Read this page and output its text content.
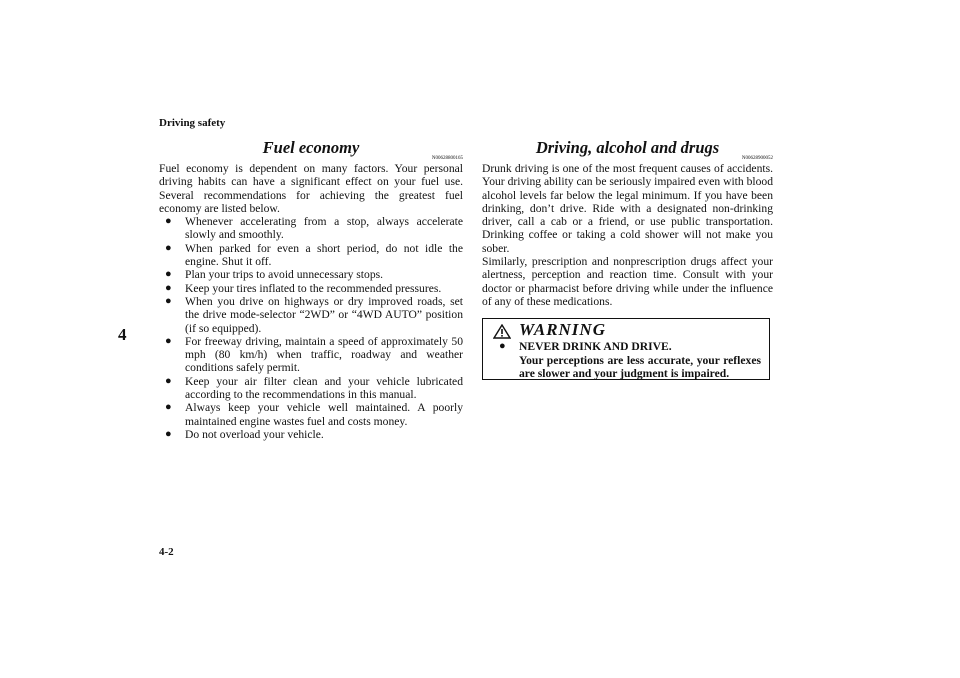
Driving safety
4
Fuel economy
N00628800165

Fuel economy is dependent on many factors. Your personal driving habits can have a significant effect on your fuel use. Several recommendations for achieving the greatest fuel economy are listed below.

● Whenever accelerating from a stop, always accelerate slowly and smoothly.
● When parked for even a short period, do not idle the engine. Shut it off.
● Plan your trips to avoid unnecessary stops.
● Keep your tires inflated to the recommended pressures.
● When you drive on highways or dry improved roads, set the drive mode-selector “2WD” or “4WD AUTO” position (if so equipped).
● For freeway driving, maintain a speed of approximately 50 mph (80 km/h) when traffic, roadway and weather conditions safely permit.
● Keep your air filter clean and your vehicle lubricated according to the recommendations in this manual.
● Always keep your vehicle well maintained. A poorly maintained engine wastes fuel and costs money.
● Do not overload your vehicle.
Driving, alcohol and drugs
N00628900052

Drunk driving is one of the most frequent causes of accidents. Your driving ability can be seriously impaired even with blood alcohol levels far below the legal minimum. If you have been drinking, don’t drive. Ride with a designated non-drinking driver, call a cab or a friend, or use public transportation. Drinking coffee or taking a cold shower will not make you sober.

Similarly, prescription and nonprescription drugs affect your alertness, perception and reaction time. Consult with your doctor or pharmacist before driving while under the influence of any of these medications.

WARNING
● NEVER DRINK AND DRIVE.
Your perceptions are less accurate, your reflexes are slower and your judgment is impaired.
4-2
